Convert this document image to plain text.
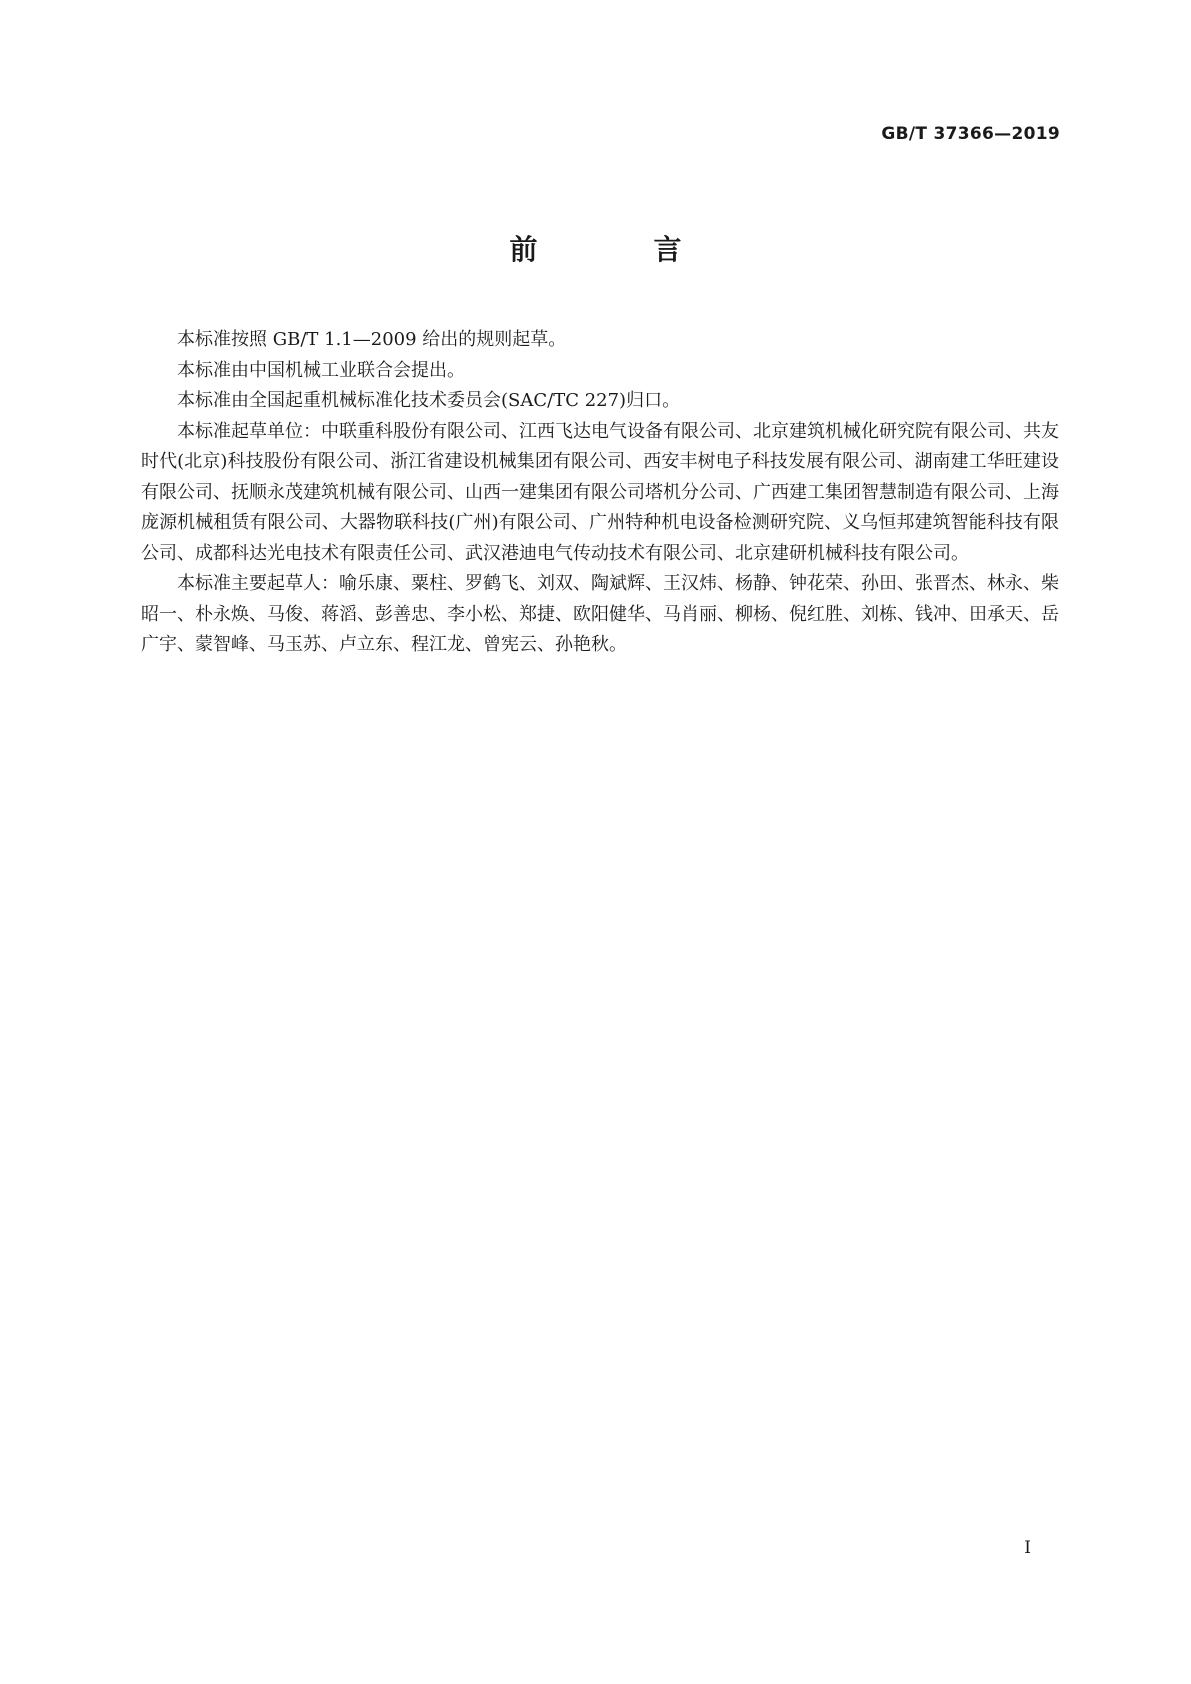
GB/T 37366—2019
前　言

本标准按照 GB/T 1.1—2009 给出的规则起草。

本标准由中国机械工业联合会提出。

本标准由全国起重机械标准化技术委员会(SAC/TC 227)归口。

本标准起草单位：中联重科股份有限公司、江西飞达电气设备有限公司、北京建筑机械化研究院有限公司、共友时代(北京)科技股份有限公司、浙江省建设机械集团有限公司、西安丰树电子科技发展有限公司、湖南建工华旺建设有限公司、抚顺永茂建筑机械有限公司、山西一建集团有限公司塔机分公司、广西建工集团智慧制造有限公司、上海庞源机械租赁有限公司、大器物联科技(广州)有限公司、广州特种机电设备检测研究院、义乌恒邦建筑智能科技有限公司、成都科达光电技术有限责任公司、武汉港迪电气传动技术有限公司、北京建研机械科技有限公司。

本标准主要起草人：喻乐康、粟柱、罗鹤飞、刘双、陶斌辉、王汉炜、杨静、钟花荣、孙田、张晋杰、林永、柴昭一、朴永焕、马俊、蒋滔、彭善忠、李小松、郑捷、欧阳健华、马肖丽、柳杨、倪红胜、刘栋、钱冲、田承天、岳广宇、蒙智峰、马玉苏、卢立东、程江龙、曾宪云、孙艳秋。

I
